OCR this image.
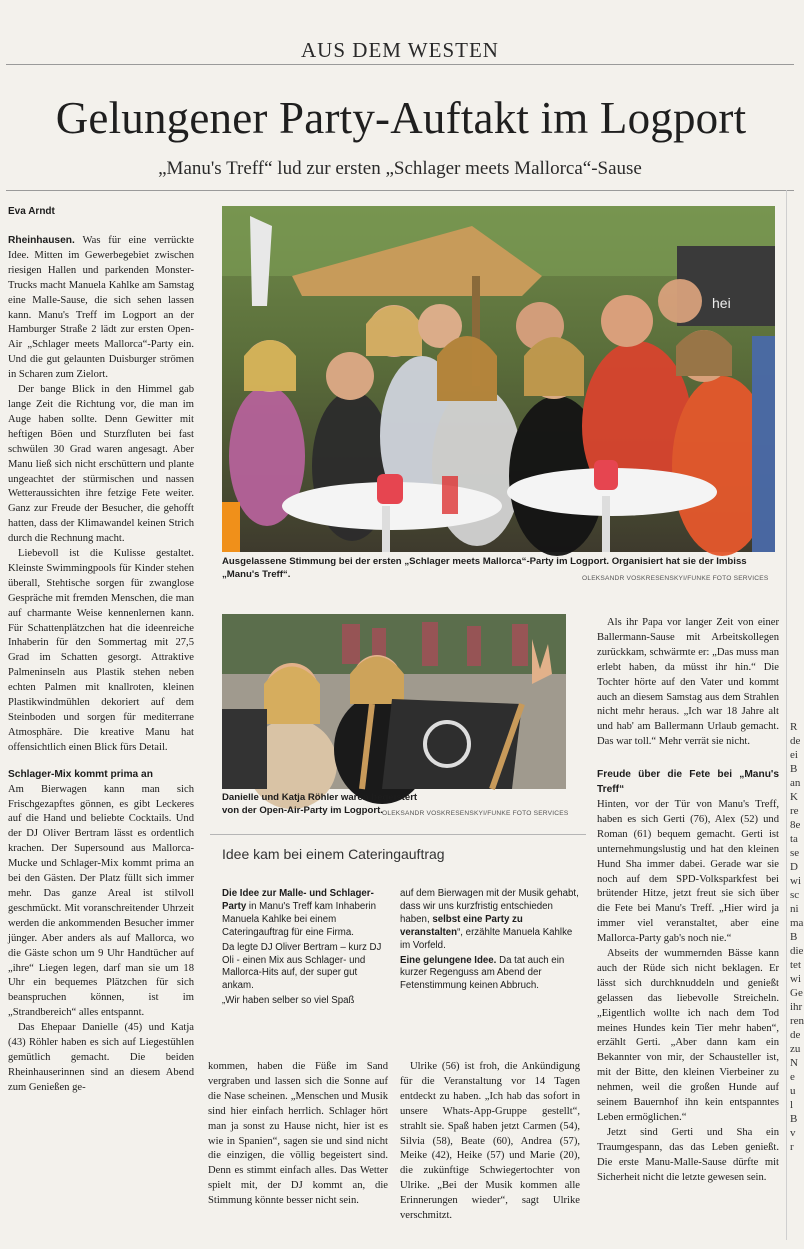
AUS DEM WESTEN
Gelungener Party-Auftakt im Logport
„Manu's Treff“ lud zur ersten „Schlager meets Mallorca“-Sause
Eva Arndt

Rheinhausen. Was für eine verrückte Idee. Mitten im Gewerbegebiet zwischen riesigen Hallen und parkenden Monster-Trucks macht Manuela Kahlke am Samstag eine Malle-Sause, die sich sehen lassen kann. Manu's Treff im Logport an der Hamburger Straße 2 lädt zur ersten Open-Air „Schlager meets Mallorca“-Party ein. Und die gut gelaunten Duisburger strömen in Scharen zum Zielort.

Der bange Blick in den Himmel gab lange Zeit die Richtung vor, die man im Auge haben sollte. Denn Gewitter mit heftigen Böen und Sturzfluten bei fast schwülen 30 Grad waren angesagt. Aber Manu ließ sich nicht erschüttern und plante ungeachtet der stürmischen und nassen Wetteraussichten ihre fetzige Fete weiter. Ganz zur Freude der Besucher, die gehofft hatten, dass der Klimawandel keinen Strich durch die Rechnung macht.

Liebevoll ist die Kulisse gestaltet. Kleinste Swimmingpools für Kinder stehen überall, Stehtische sorgen für zwanglose Gespräche mit fremden Menschen, die man auf charmante Weise kennenlernen kann. Für Schattenplätzchen hat die ideenreiche Inhaberin für den Sommertag mit 27,5 Grad im Schatten gesorgt. Attraktive Palmeninseln aus Plastik stehen neben echten Palmen mit knallroten, kleinen Plastikwindmühlen dekoriert auf dem Steinboden und sorgen für mediterrane Atmosphäre. Die kreative Manu hat offensichtlich einen Blick fürs Detail.

Schlager-Mix kommt prima an

Am Bierwagen kann man sich Frischgezapftes gönnen, es gibt Leckeres auf die Hand und beliebte Cocktails. Und der DJ Oliver Bertram lässt es ordentlich krachen. Der Supersound aus Mallorca-Mucke und Schlager-Mix kommt prima an bei den Gästen. Der Platz füllt sich immer mehr. Das ganze Areal ist stilvoll geschmückt. Mit voranschreitender Uhrzeit werden die ankommenden Besucher immer jünger. Aber anders als auf Mallorca, wo die Gäste schon um 9 Uhr Handtücher auf „ihre“ Liegen legen, darf man sie um 18 Uhr ein bequemes Plätzchen für sich beanspruchen können, ist im „Strandbereich“ alles entspannt.

Das Ehepaar Danielle (45) und Katja (43) Röhler haben es sich auf Liegestühlen gemütlich gemacht. Die beiden Rheinhauserinnen sind an diesem Abend zum Genießen ge-

hei
Ausgelassene Stimmung bei der ersten „Schlager meets Mallorca“-Party im Logport. Organisiert hat sie der Imbiss „Manu's Treff“.	OLEKSANDR VOSKRESENSKYI/FUNKE FOTO SERVICES
Danielle und Katja Röhler waren begeistert von der Open-Air-Party im Logport. OLEKSANDR VOSKRESENSKYI/FUNKE FOTO SERVICES

Als ihr Papa vor langer Zeit von einer Ballermann-Sause mit Arbeitskollegen zurückkam, schwärmte er: „Das muss man erlebt haben, da müsst ihr hin.“ Die Tochter hörte auf den Vater und kommt auch an diesem Samstag aus dem Strahlen nicht mehr heraus. „Ich war 18 Jahre alt und hab' am Ballermann Urlaub gemacht. Das war toll.“ Mehr verrät sie nicht.

Freude über die Fete bei „Manu's Treff“

Hinten, vor der Tür von Manu's Treff, haben es sich Gerti (76), Alex (52) und Roman (61) bequem gemacht. Gerti ist unternehmungslustig und hat den kleinen Hund Sha immer dabei. Gerade war sie noch auf dem SPD-Volksparkfest bei brütender Hitze, jetzt freut sie sich über die Fete bei Manu's Treff. „Hier wird ja immer viel veranstaltet, aber eine Mallorca-Party gab's noch nie.“

Abseits der wummernden Bässe kann auch der Rüde sich nicht beklagen. Er lässt sich durchknuddeln und genießt gelassen das liebevolle Streicheln. „Eigentlich wollte ich nach dem Tod meines Hundes kein Tier mehr haben“, erzählt Gerti. „Aber dann kam ein Bekannter von mir, der Schausteller ist, mit der Bitte, den kleinen Vierbeiner zu nehmen, weil die großen Hunde auf seinem Bauernhof ihn kein entspanntes Leben ermöglichen.“

Jetzt sind Gerti und Sha ein Traumgespann, das das Leben genießt. Die erste Manu-Malle-Sause dürfte mit Sicherheit nicht die letzte gewesen sein.

Idee kam bei einem Cateringauftrag

Die Idee zur Malle- und Schlager-Party in Manu's Treff kam Inhaberin Manuela Kahlke bei einem Cateringauftrag für eine Firma.

Da legte DJ Oliver Bertram – kurz DJ Oli - einen Mix aus Schlager- und Mallorca-Hits auf, der super gut ankam.

„Wir haben selber so viel Spaß

auf dem Bierwagen mit der Musik gehabt, dass wir uns kurzfristig entschieden haben, selbst eine Party zu veranstalten“, erzählte Manuela Kahlke im Vorfeld.

Eine gelungene Idee. Da tat auch ein kurzer Regenguss am Abend der Fetenstimmung keinen Abbruch.

kommen, haben die Füße im Sand vergraben und lassen sich die Sonne auf die Nase scheinen. „Menschen und Musik sind hier einfach herrlich. Schlager hört man ja sonst zu Hause nicht, hier ist es wie in Spanien“, sagen sie und sind nicht die einzigen, die völlig begeistert sind. Denn es stimmt einfach alles. Das Wetter spielt mit, der DJ kommt an, die Stimmung könnte besser nicht sein.

Ulrike (56) ist froh, die Ankündigung für die Veranstaltung vor 14 Tagen entdeckt zu haben. „Ich hab das sofort in unsere Whats-App-Gruppe gestellt“, strahlt sie. Spaß haben jetzt Carmen (54), Silvia (58), Beate (60), Andrea (57), Meike (42), Heike (57) und Marie (20), die zukünftige Schwiegertochter von Ulrike. „Bei der Musik kommen alle Erinnerungen wieder“, sagt Ulrike verschmitzt.

R
de
ei
B
an
K
re
8e
ta
se
D
wi
sc
ni
ma
B
die
tet
wi
Ge
ihr
ren
de
zu
N
e
u
l
B
v
r
